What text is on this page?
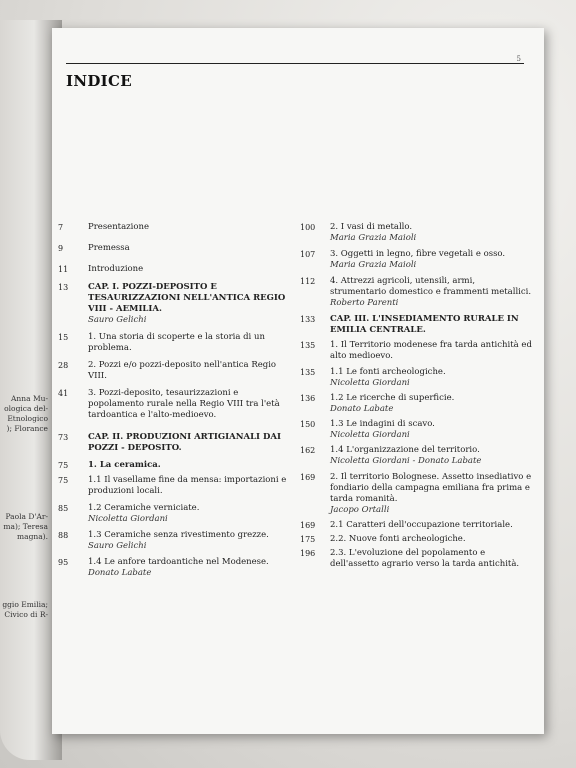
Anna Mu-
ologica del-
Etnologico
); Florance
Paola D'Ar-
ma); Teresa
magna).
ggio Emilia;
Civico di R-
5
INDICE
7	Presentazione
9	Premessa
11	Introduzione
13	CAP. I. POZZI-DEPOSITO E TESAURIZZAZIONI NELL'ANTICA REGIO VIII - AEMILIA.
Sauro Gelichi
15	1. Una storia di scoperte e la storia di un problema.
28	2. Pozzi e/o pozzi-deposito nell'antica Regio VIII.
41	3. Pozzi-deposito, tesaurizzazioni e popolamento rurale nella Regio VIII tra l'età tardoantica e l'alto-medioevo.
73	CAP. II. PRODUZIONI ARTIGIANALI DAI POZZI - DEPOSITO.
75	1. La ceramica.
75	1.1 Il vasellame fine da mensa: importazioni e produzioni locali.
85	1.2 Ceramiche verniciate.
Nicoletta Giordani
88	1.3 Ceramiche senza rivestimento grezze.
Sauro Gelichi
95	1.4 Le anfore tardoantiche nel Modenese.
Donato Labate
100	2. I vasi di metallo.
Maria Grazia Maioli
107	3. Oggetti in legno, fibre vegetali e osso.
Maria Grazia Maioli
112	4. Attrezzi agricoli, utensili, armi, strumentario domestico e frammenti metallici.
Roberto Parenti
133	CAP. III. L'INSEDIAMENTO RURALE IN EMILIA CENTRALE.
135	1. Il Territorio modenese fra tarda antichità ed alto medioevo.
135	1.1 Le fonti archeologiche.
Nicoletta Giordani
136	1.2 Le ricerche di superficie.
Donato Labate
150	1.3 Le indagini di scavo.
Nicoletta Giordani
162	1.4 L'organizzazione del territorio.
Nicoletta Giordani - Donato Labate
169	2. Il territorio Bolognese. Assetto insediativo e fondiario della campagna emiliana fra prima e tarda romanità.
Jacopo Ortalli
169	2.1 Caratteri dell'occupazione territoriale.
175	2.2. Nuove fonti archeologiche.
196	2.3. L'evoluzione del popolamento e dell'assetto agrario verso la tarda antichità.
